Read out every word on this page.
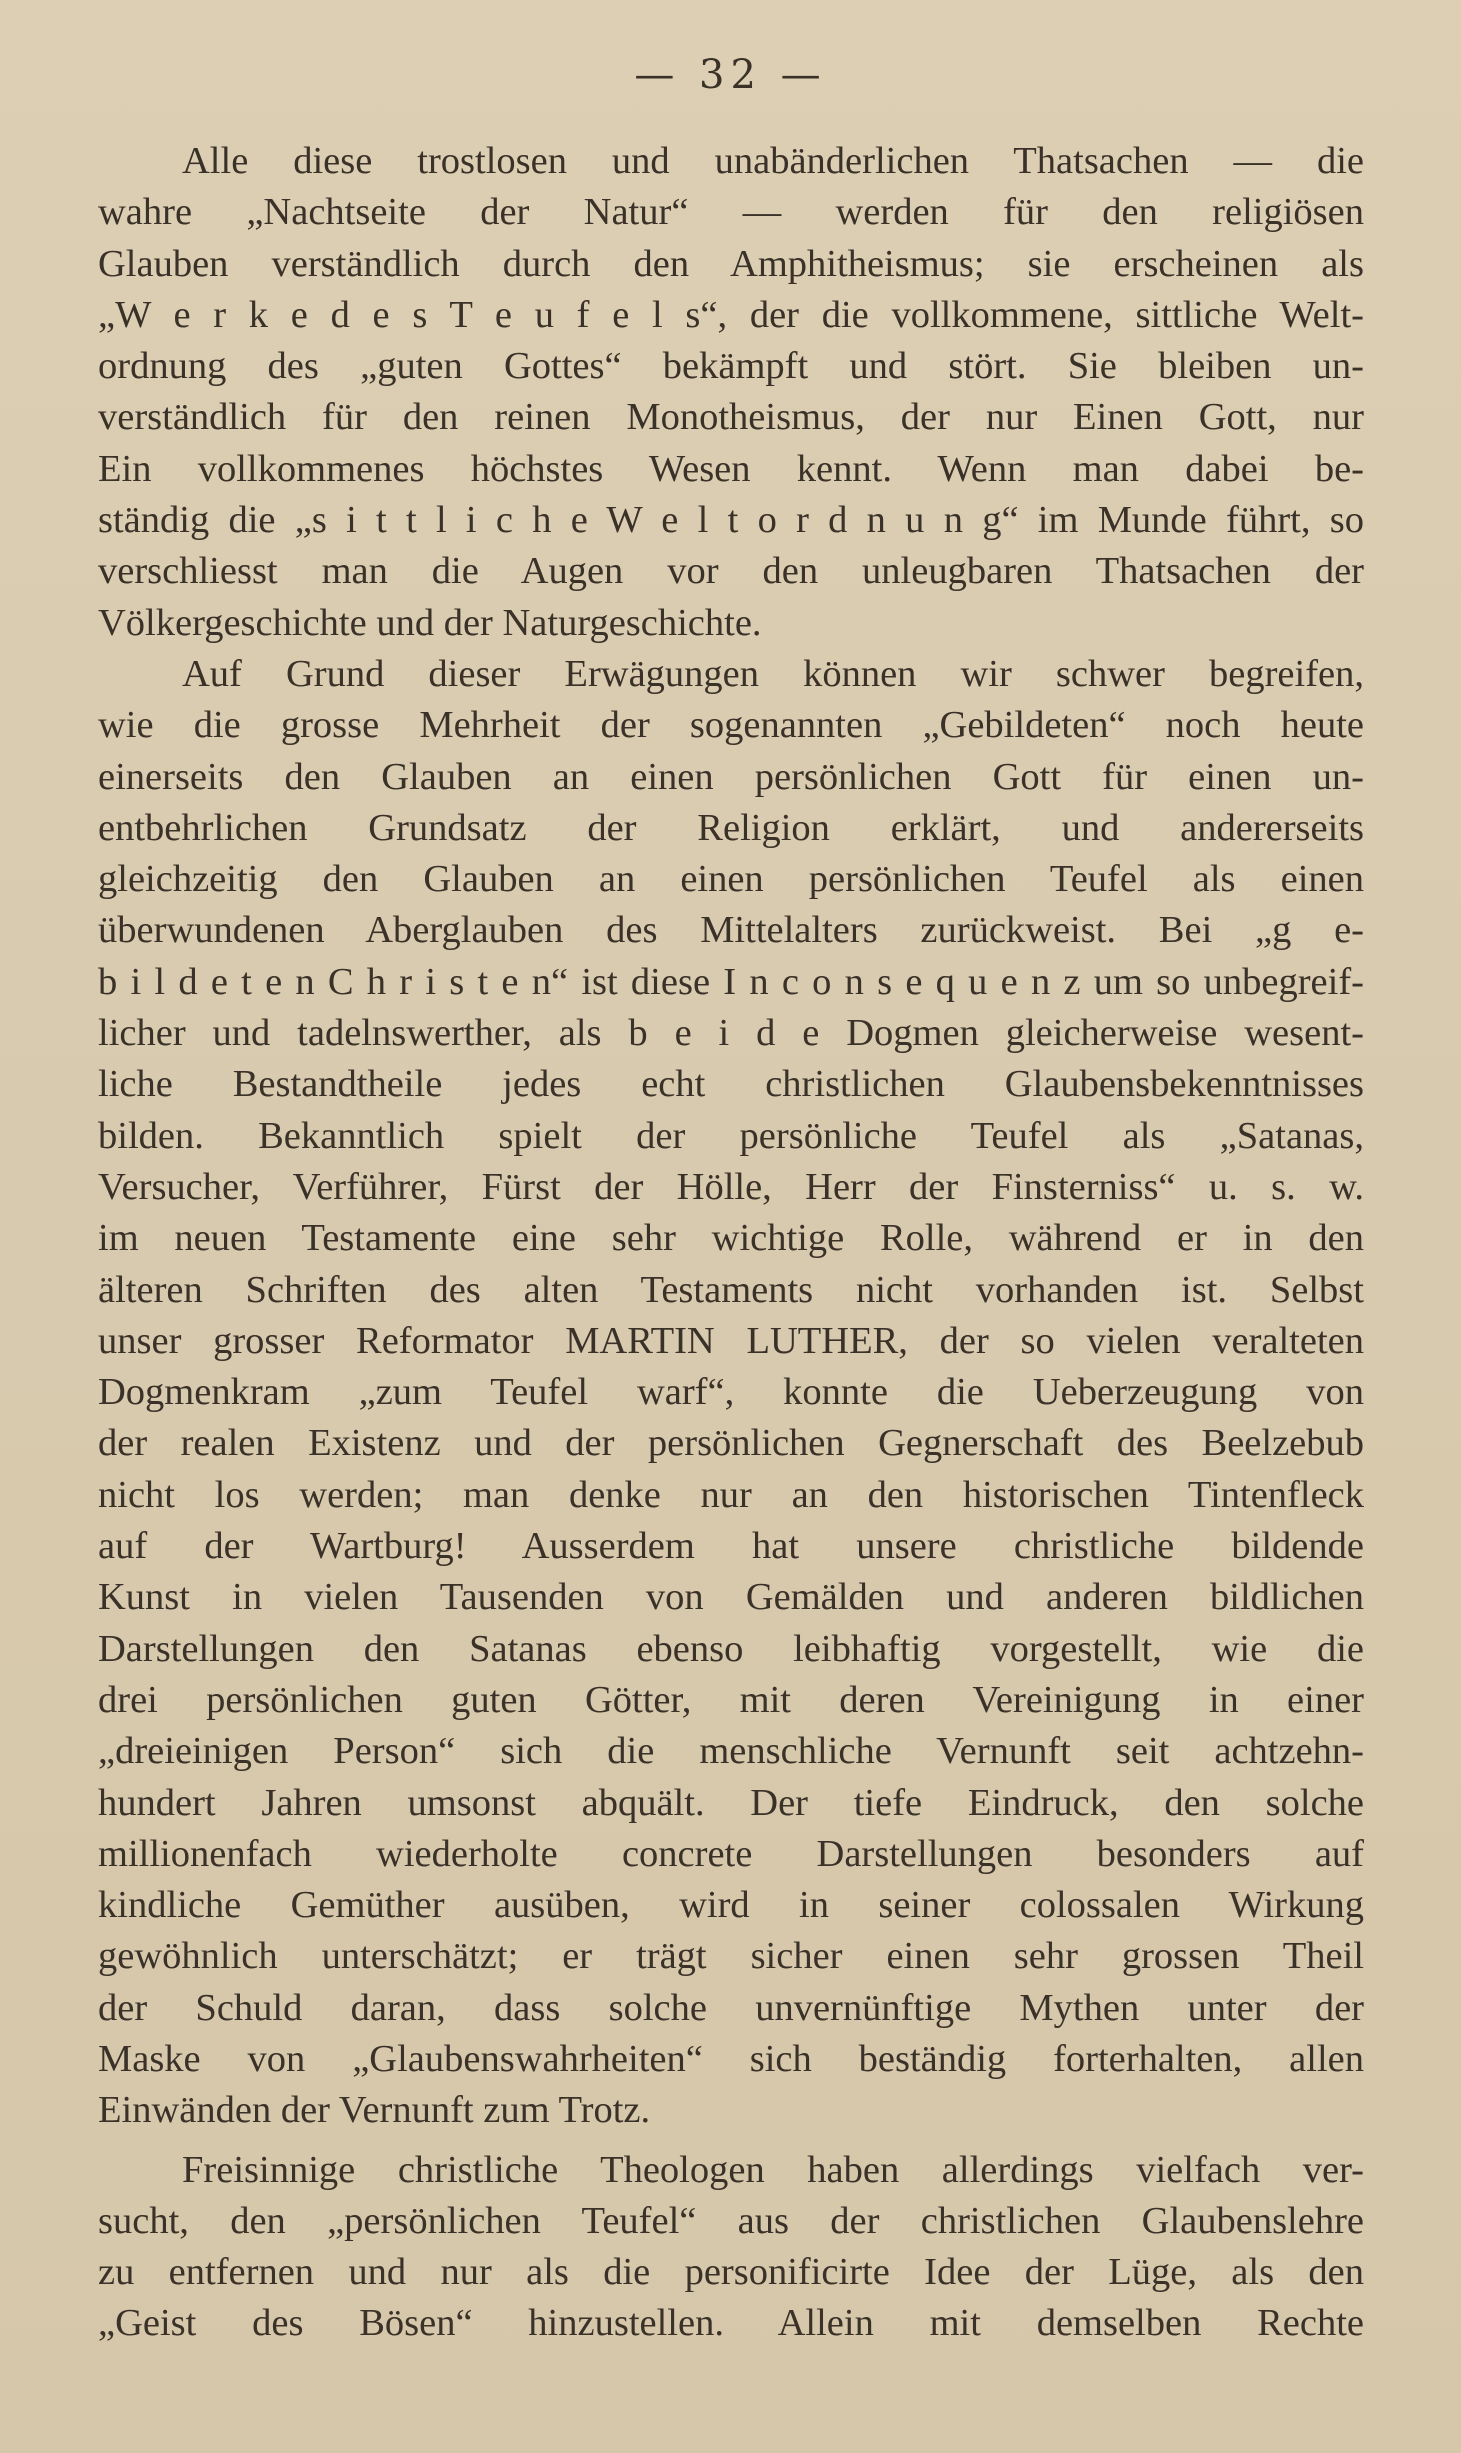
— 32 —
Alle diese trostlosen und unabänderlichen Thatsachen — die
wahre „Nachtseite der Natur“ — werden für den religiösen
Glauben verständlich durch den Amphitheismus; sie erscheinen als
„W e r k e d e s T e u f e l s“, der die vollkommene, sittliche Welt-
ordnung des „guten Gottes“ bekämpft und stört. Sie bleiben un-
verständlich für den reinen Monotheismus, der nur Einen Gott, nur
Ein vollkommenes höchstes Wesen kennt. Wenn man dabei be-
ständig die „s i t t l i c h e W e l t o r d n u n g“ im Munde führt, so
verschliesst man die Augen vor den unleugbaren Thatsachen der
Völkergeschichte und der Naturgeschichte.
Auf Grund dieser Erwägungen können wir schwer begreifen,
wie die grosse Mehrheit der sogenannten „Gebildeten“ noch heute
einerseits den Glauben an einen persönlichen Gott für einen un-
entbehrlichen Grundsatz der Religion erklärt, und andererseits
gleichzeitig den Glauben an einen persönlichen Teufel als einen
überwundenen Aberglauben des Mittelalters zurückweist. Bei „g e-
b i l d e t e n C h r i s t e n“ ist diese I n c o n s e q u e n z um so unbegreif-
licher und tadelnswerther, als b e i d e Dogmen gleicherweise wesent-
liche Bestandtheile jedes echt christlichen Glaubensbekenntnisses
bilden. Bekanntlich spielt der persönliche Teufel als „Satanas,
Versucher, Verführer, Fürst der Hölle, Herr der Finsterniss“ u. s. w.
im neuen Testamente eine sehr wichtige Rolle, während er in den
älteren Schriften des alten Testaments nicht vorhanden ist. Selbst
unser grosser Reformator MARTIN LUTHER, der so vielen veralteten
Dogmenkram „zum Teufel warf“, konnte die Ueberzeugung von
der realen Existenz und der persönlichen Gegnerschaft des Beelzebub
nicht los werden; man denke nur an den historischen Tintenfleck
auf der Wartburg! Ausserdem hat unsere christliche bildende
Kunst in vielen Tausenden von Gemälden und anderen bildlichen
Darstellungen den Satanas ebenso leibhaftig vorgestellt, wie die
drei persönlichen guten Götter, mit deren Vereinigung in einer
„dreieinigen Person“ sich die menschliche Vernunft seit achtzehn-
hundert Jahren umsonst abquält. Der tiefe Eindruck, den solche
millionenfach wiederholte concrete Darstellungen besonders auf
kindliche Gemüther ausüben, wird in seiner colossalen Wirkung
gewöhnlich unterschätzt; er trägt sicher einen sehr grossen Theil
der Schuld daran, dass solche unvernünftige Mythen unter der
Maske von „Glaubenswahrheiten“ sich beständig forterhalten, allen
Einwänden der Vernunft zum Trotz.
Freisinnige christliche Theologen haben allerdings vielfach ver-
sucht, den „persönlichen Teufel“ aus der christlichen Glaubenslehre
zu entfernen und nur als die personificirte Idee der Lüge, als den
„Geist des Bösen“ hinzustellen. Allein mit demselben Rechte
